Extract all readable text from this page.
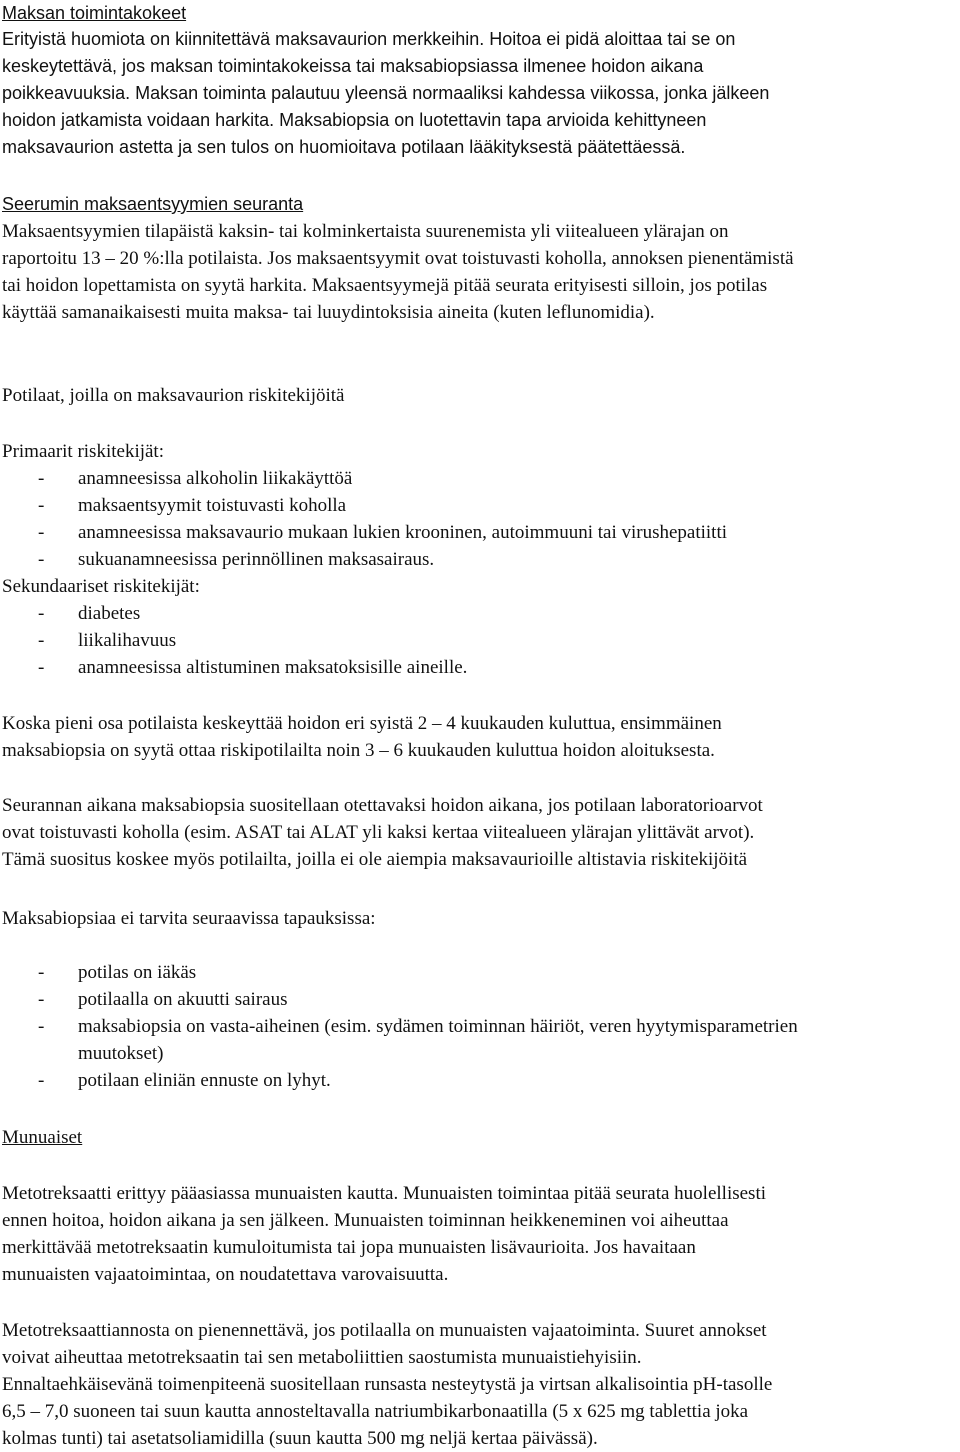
Maksan toimintakokeet
Erityistä huomiota on kiinnitettävä maksavaurion merkkeihin. Hoitoa ei pidä aloittaa tai se on
keskeytettävä, jos maksan toimintakokeissa tai maksabiopsiassa ilmenee hoidon aikana
poikkeavuuksia. Maksan toiminta palautuu yleensä normaaliksi kahdessa viikossa, jonka jälkeen
hoidon jatkamista voidaan harkita. Maksabiopsia on luotettavin tapa arvioida kehittyneen
maksavaurion astetta ja sen tulos on huomioitava potilaan lääkityksestä päätettäessä.
Seerumin maksaentsyymien seuranta
Maksaentsyymien tilapäistä kaksin- tai kolminkertaista suurenemista yli viitealueen ylärajan on
raportoitu 13 – 20 %:lla potilaista. Jos maksaentsyymit ovat toistuvasti koholla, annoksen pienentämistä
tai hoidon lopettamista on syytä harkita. Maksaentsyymejä pitää seurata erityisesti silloin, jos potilas
käyttää samanaikaisesti muita maksa- tai luuydintoksisia aineita (kuten leflunomidia).
Potilaat, joilla on maksavaurion riskitekijöitä
Primaarit riskitekijät:
- anamneesissa alkoholin liikakäyttöä
- maksaentsyymit toistuvasti koholla
- anamneesissa maksavaurio mukaan lukien krooninen, autoimmuuni tai virushepatiitti
- sukuanamneesissa perinnöllinen maksasairaus.
Sekundaariset riskitekijät:
- diabetes
- liikalihavuus
- anamneesissa altistuminen maksatoksisille aineille.
Koska pieni osa potilaista keskeyttää hoidon eri syistä 2 – 4 kuukauden kuluttua, ensimmäinen
maksabiopsia on syytä ottaa riskipotilailta noin 3 – 6 kuukauden kuluttua hoidon aloituksesta.
Seurannan aikana maksabiopsia suositellaan otettavaksi hoidon aikana, jos potilaan laboratorioarvot
ovat toistuvasti koholla (esim. ASAT tai ALAT yli kaksi kertaa viitealueen ylärajan ylittävät arvot).
Tämä suositus koskee myös potilailta, joilla ei ole aiempia maksavaurioille altistavia riskitekijöitä
Maksabiopsiaa ei tarvita seuraavissa tapauksissa:
- potilas on iäkäs
- potilaalla on akuutti sairaus
- maksabiopsia on vasta-aiheinen (esim. sydämen toiminnan häiriöt, veren hyytymisparametrien
muutokset)
- potilaan eliniän ennuste on lyhyt.
Munuaiset
Metotreksaatti erittyy pääasiassa munuaisten kautta. Munuaisten toimintaa pitää seurata huolellisesti
ennen hoitoa, hoidon aikana ja sen jälkeen. Munuaisten toiminnan heikkeneminen voi aiheuttaa
merkittävää metotreksaatin kumuloitumista tai jopa munuaisten lisävaurioita. Jos havaitaan
munuaisten vajaatoimintaa, on noudatettava varovaisuutta.
Metotreksaattiannosta on pienennettävä, jos potilaalla on munuaisten vajaatoiminta. Suuret annokset
voivat aiheuttaa metotreksaatin tai sen metaboliittien saostumista munuaistiehyisiin.
Ennaltaehkäisevänä toimenpiteenä suositellaan runsasta nesteytystä ja virtsan alkalisointia pH-tasolle
6,5 – 7,0 suoneen tai suun kautta annosteltavalla natriumbikarbonaatilla (5 x 625 mg tablettia joka
kolmas tunti) tai asetatsoliamidilla (suun kautta 500 mg neljä kertaa päivässä).
